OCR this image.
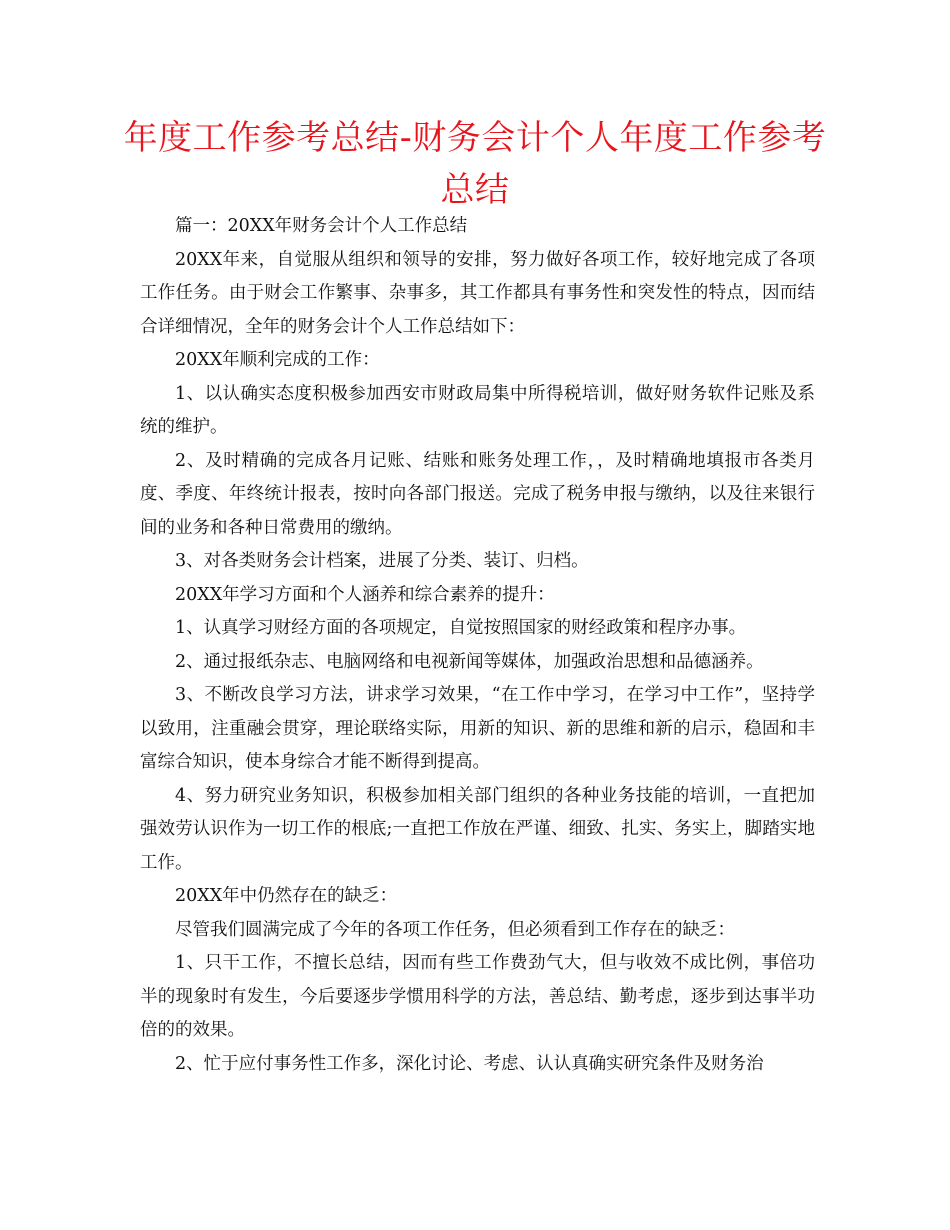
年度工作参考总结-财务会计个人年度工作参考总结

篇一：20XX年财务会计个人工作总结

20XX年来，自觉服从组织和领导的安排，努力做好各项工作，较好地完成了各项工作任务。由于财会工作繁事、杂事多，其工作都具有事务性和突发性的特点，因而结合详细情况，全年的财务会计个人工作总结如下：

20XX年顺利完成的工作：

1、以认确实态度积极参加西安市财政局集中所得税培训，做好财务软件记账及系统的维护。

2、及时精确的完成各月记账、结账和账务处理工作，，及时精确地填报市各类月度、季度、年终统计报表，按时向各部门报送。完成了税务申报与缴纳，以及往来银行间的业务和各种日常费用的缴纳。

3、对各类财务会计档案，进展了分类、装订、归档。

20XX年学习方面和个人涵养和综合素养的提升：

1、认真学习财经方面的各项规定，自觉按照国家的财经政策和程序办事。

2、通过报纸杂志、电脑网络和电视新闻等媒体，加强政治思想和品德涵养。

3、不断改良学习方法，讲求学习效果，“在工作中学习，在学习中工作”，坚持学以致用，注重融会贯穿，理论联络实际，用新的知识、新的思维和新的启示，稳固和丰富综合知识，使本身综合才能不断得到提高。

4、努力研究业务知识，积极参加相关部门组织的各种业务技能的培训，一直把加强效劳认识作为一切工作的根底;一直把工作放在严谨、细致、扎实、务实上，脚踏实地工作。

20XX年中仍然存在的缺乏：

尽管我们圆满完成了今年的各项工作任务，但必须看到工作存在的缺乏：

1、只干工作，不擅长总结，因而有些工作费劲气大，但与收效不成比例，事倍功半的现象时有发生，今后要逐步学惯用科学的方法，善总结、勤考虑，逐步到达事半功倍的的效果。

2、忙于应付事务性工作多，深化讨论、考虑、认认真确实研究条件及财务治
